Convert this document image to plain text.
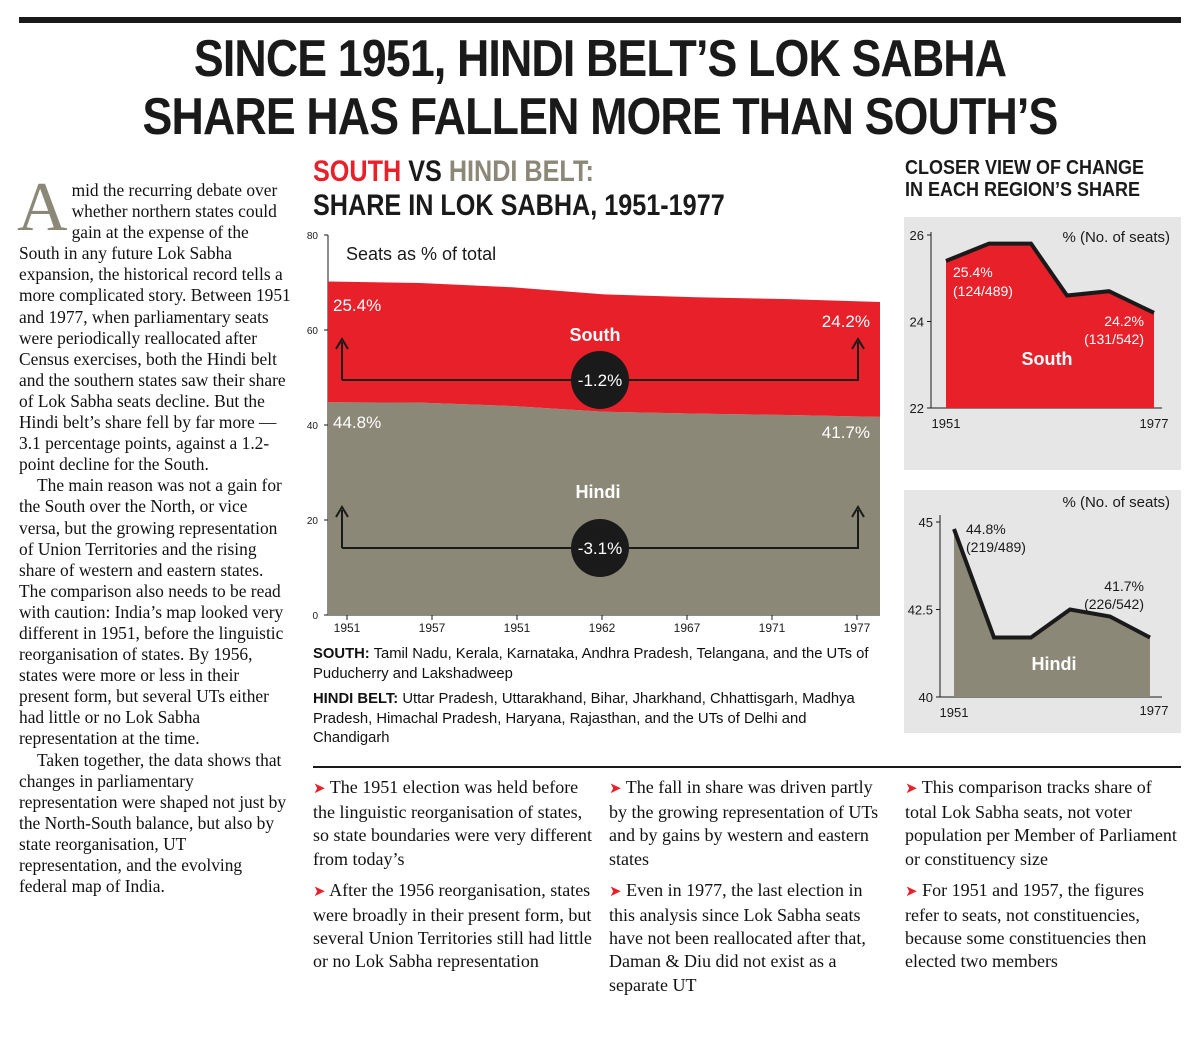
SINCE 1951, HINDI BELT’S LOK SABHA
SHARE HAS FALLEN MORE THAN SOUTH’S

Amid the recurring debate over whether northern states could gain at the expense of the South in any future Lok Sabha expansion, the historical record tells a more complicated story. Between 1951 and 1977, when parliamentary seats were periodically reallocated after Census exercises, both the Hindi belt and the southern states saw their share of Lok Sabha seats decline. But the Hindi belt’s share fell by far more — 3.1 percentage points, against a 1.2-point decline for the South.

The main reason was not a gain for the South over the North, or vice versa, but the growing representation of Union Territories and the rising share of western and eastern states. The comparison also needs to be read with caution: India’s map looked very different in 1951, before the linguistic reorganisation of states. By 1956, states were more or less in their present form, but several UTs either had little or no Lok Sabha representation at the time.

Taken together, the data shows that changes in parliamentary representation were shaped not just by the North-South balance, but also by state reorganisation, UT representation, and the evolving federal map of India.

SOUTH VS HINDI BELT:
SHARE IN LOK SABHA, 1951-1977
CLOSER VIEW OF CHANGE
IN EACH REGION’S SHARE
Seats as % of total
0
20
40
60
80
1951	1957	1951	1962	1967	1971	1977
25.4%
24.2%
South
-1.2%
44.8%
41.7%
Hindi
-3.1%
% (No. of seats)
22
24
26
25.4%
(124/489)
24.2%
(131/542)
South
1951	1977
% (No. of seats)
40
42.5
45 44.8%
(219/489)
41.7%
(226/542)
Hindi
1951	1977

SOUTH: Tamil Nadu, Kerala, Karnataka, Andhra Pradesh, Telangana, and the UTs of Puducherry and Lakshadweep

HINDI BELT: Uttar Pradesh, Uttarakhand, Bihar, Jharkhand, Chhattisgarh, Madhya Pradesh, Himachal Pradesh, Haryana, Rajasthan, and the UTs of Delhi and Chandigarh

➤ The 1951 election was held before the linguistic reorganisation of states, so state boundaries were very different from today’s

➤ After the 1956 reorganisation, states were broadly in their present form, but several Union Territories still had little or no Lok Sabha representation

➤ The fall in share was driven partly by the growing representation of UTs and by gains by western and eastern states

➤ Even in 1977, the last election in this analysis since Lok Sabha seats have not been reallocated after that, Daman & Diu did not exist as a separate UT

➤ This comparison tracks share of total Lok Sabha seats, not voter population per Member of Parliament or constituency size

➤ For 1951 and 1957, the figures refer to seats, not constituencies, because some constituencies then elected two members
